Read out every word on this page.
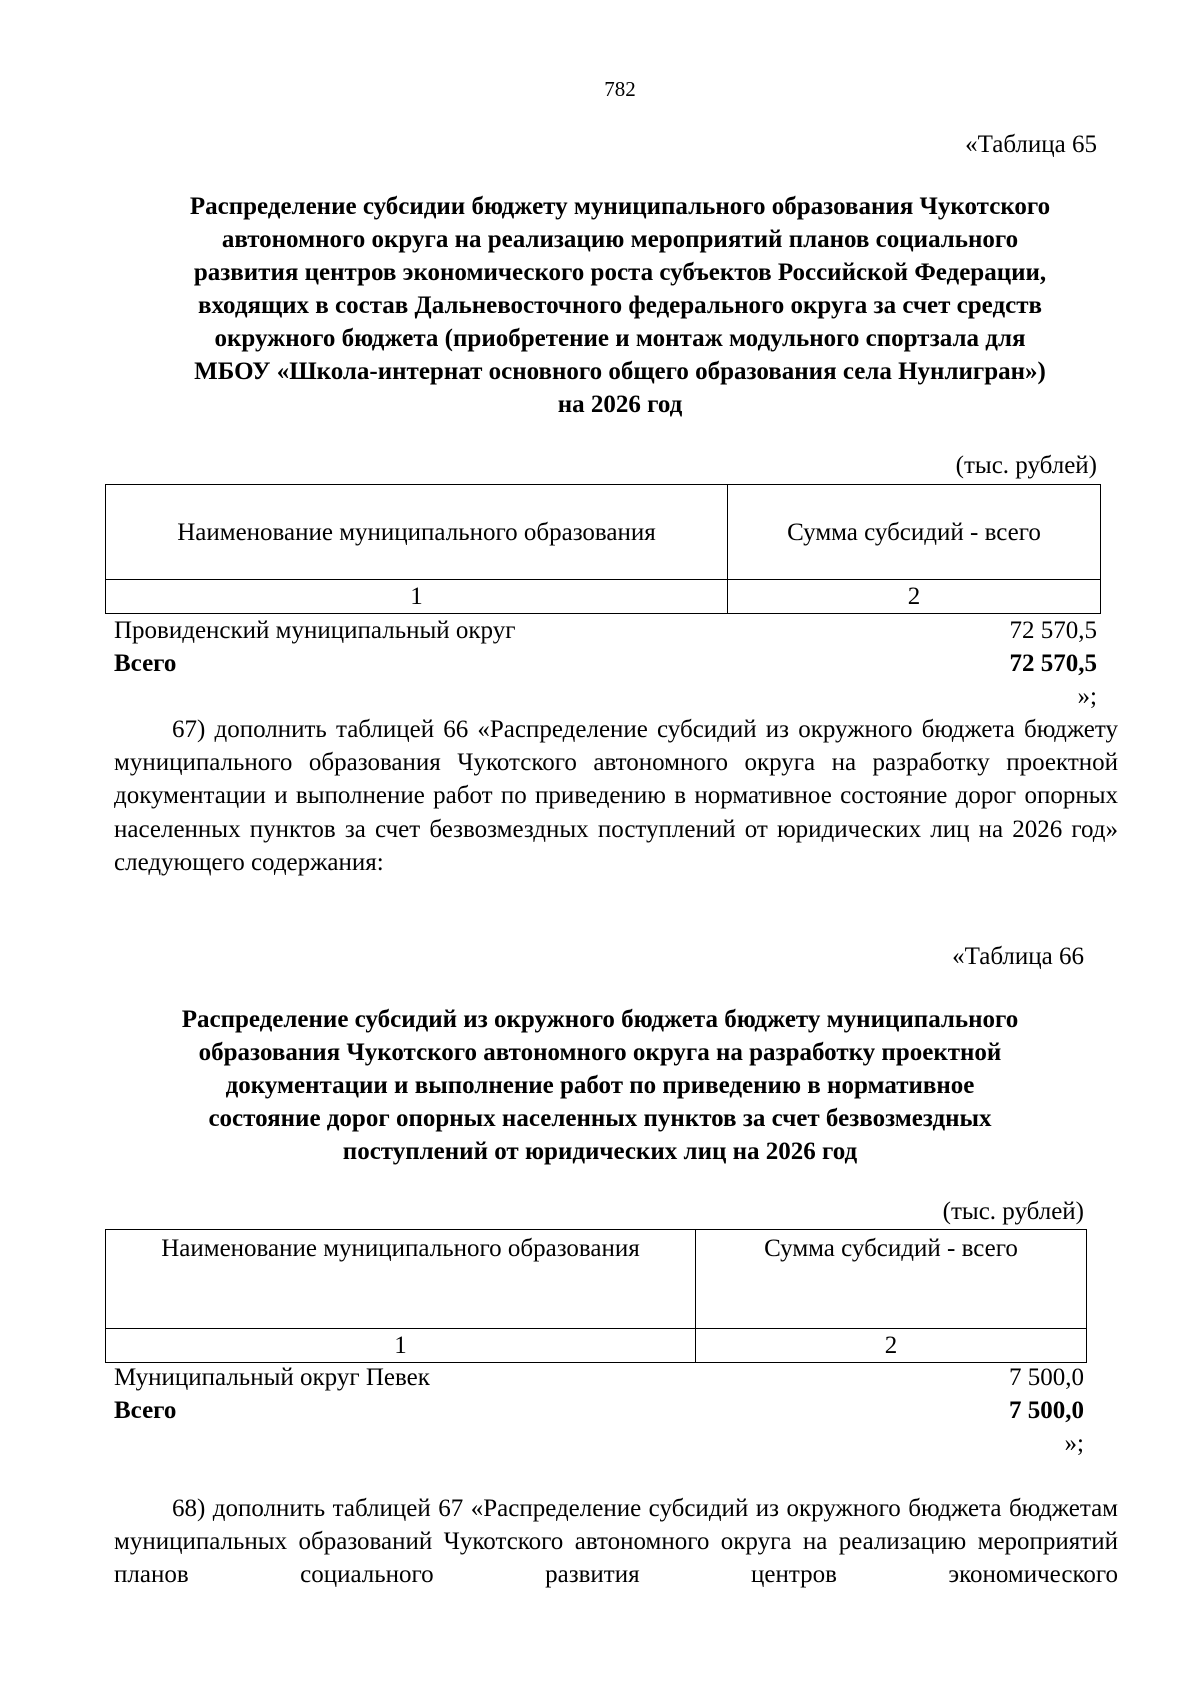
782
«Таблица 65
Распределение субсидии бюджету муниципального образования Чукотского
автономного округа на реализацию мероприятий планов социального
развития центров экономического роста субъектов Российской Федерации,
входящих в состав Дальневосточного федерального округа за счет средств
окружного бюджета (приобретение и монтаж модульного спортзала для
МБОУ «Школа-интернат основного общего образования села Нунлигран»)
на 2026 год
(тыс. рублей)
Наименование муниципального образования	Сумма субсидий - всего
1	2
Провиденский муниципальный округ	72 570,5
Всего	72 570,5
»;
67) дополнить таблицей 66 «Распределение субсидий из окружного бюджета бюджету муниципального образования Чукотского автономного округа на разработку проектной документации и выполнение работ по приведению в нормативное состояние дорог опорных населенных пунктов за счет безвозмездных поступлений от юридических лиц на 2026 год» следующего содержания:
«Таблица 66
Распределение субсидий из окружного бюджета бюджету муниципального
образования Чукотского автономного округа на разработку проектной
документации и выполнение работ по приведению в нормативное
состояние дорог опорных населенных пунктов за счет безвозмездных
поступлений от юридических лиц на 2026 год
(тыс. рублей)
Наименование муниципального образования	Сумма субсидий - всего
1	2
Муниципальный округ Певек	7 500,0
Всего	7 500,0
»;
68) дополнить таблицей 67 «Распределение субсидий из окружного бюджета бюджетам муниципальных образований Чукотского автономного округа на реализацию мероприятий планов социального развития центров экономического
